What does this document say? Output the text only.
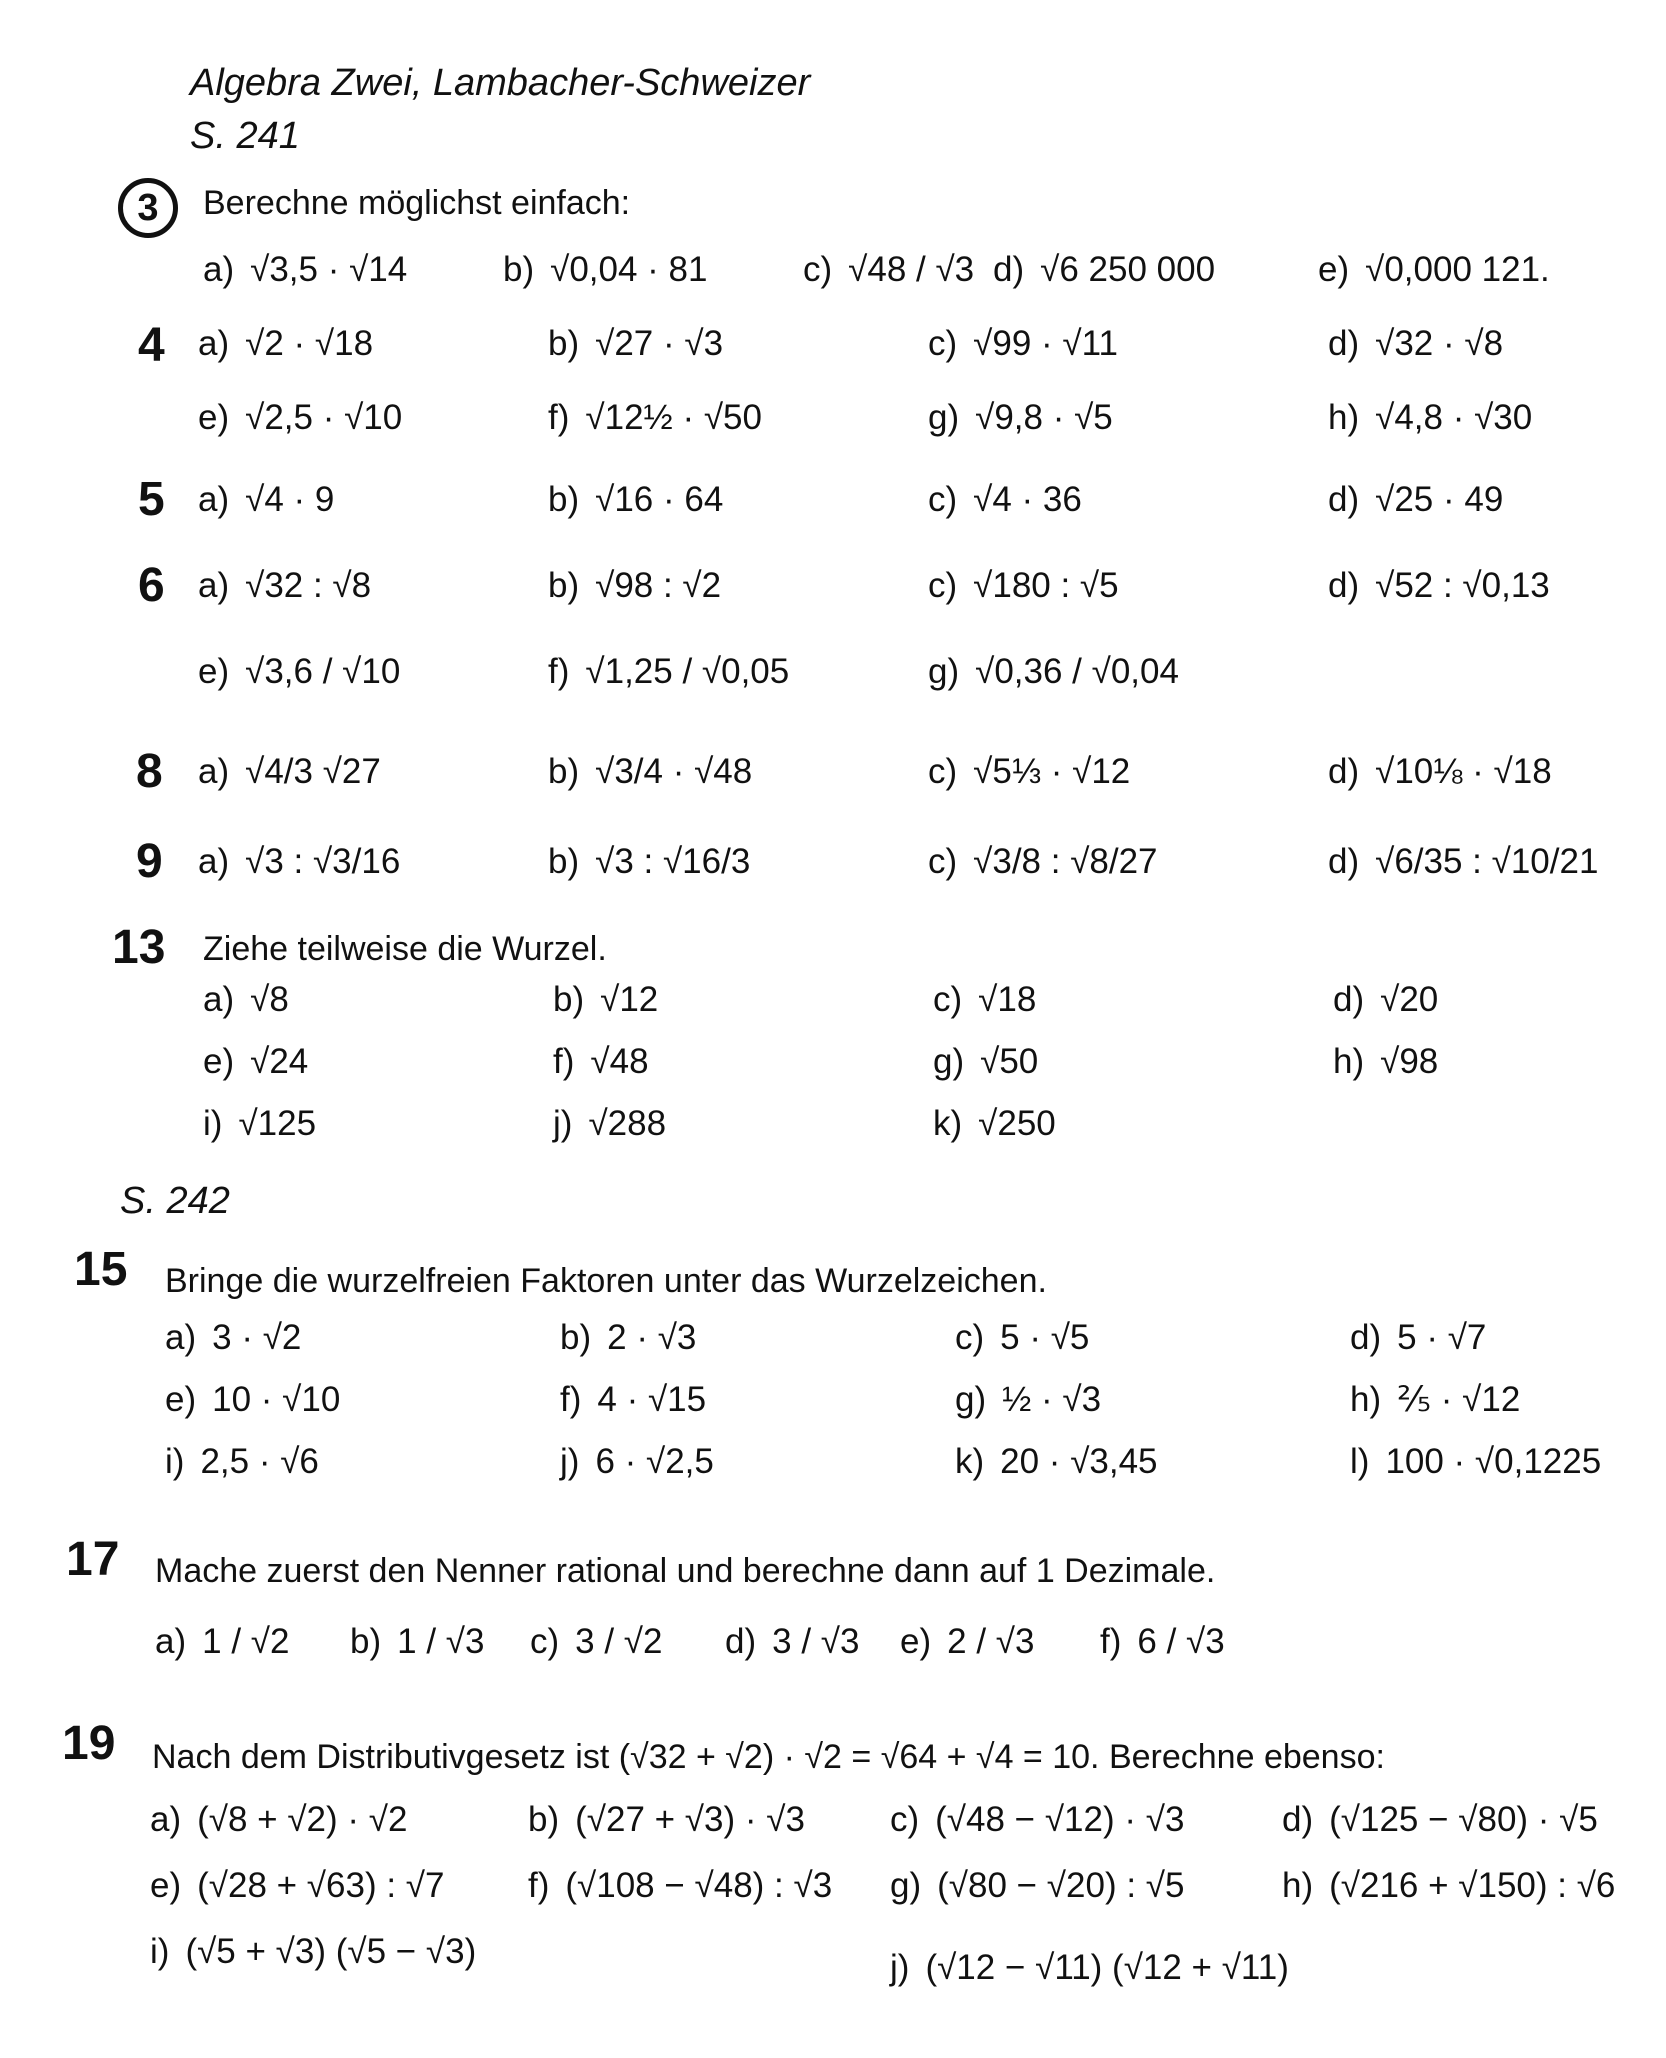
Algebra Zwei, Lambacher-Schweizer
S. 241
3	Berechne möglichst einfach:
a) √3,5 · √14	b) √0,04 · 81	c) √48 / √3 d) √6 250 000	e) √0,000 121.
4 a) √2 · √18	b) √27 · √3	c) √99 · √11	d) √32 · √8
e) √2,5 · √10	f) √12½ · √50	g) √9,8 · √5	h) √4,8 · √30
5 a) √4 · 9	b) √16 · 64	c) √4 · 36	d) √25 · 49
6 a) √32 : √8	b) √98 : √2	c) √180 : √5	d) √52 : √0,13
e) √3,6 / √10	f) √1,25 / √0,05	g) √0,36 / √0,04
8 a) √4/3 √27	b) √3/4 · √48	c) √5⅓ · √12	d) √10⅛ · √18
9 a) √3 : √3/16	b) √3 : √16/3	c) √3/8 : √8/27	d) √6/35 : √10/21
13 Ziehe teilweise die Wurzel.
a) √8	b) √12	c) √18	d) √20
e) √24	f) √48	g) √50	h) √98
i) √125	j) √288	k) √250
S. 242
15 Bringe die wurzelfreien Faktoren unter das Wurzelzeichen.
a) 3 · √2	b) 2 · √3	c) 5 · √5	d) 5 · √7
e) 10 · √10	f) 4 · √15	g) ½ · √3	h) ⅖ · √12
i) 2,5 · √6	j) 6 · √2,5	k) 20 · √3,45	l) 100 · √0,1225
17 Mache zuerst den Nenner rational und berechne dann auf 1 Dezimale.
a) 1 / √2 b) 1 / √3 c) 3 / √2 d) 3 / √3 e) 2 / √3 f) 6 / √3
19 Nach dem Distributivgesetz ist (√32 + √2) · √2 = √64 + √4 = 10. Berechne ebenso:
a) (√8 + √2) · √2	b) (√27 + √3) · √3 c) (√48 − √12) · √3	d) (√125 − √80) · √5
e) (√28 + √63) : √7 f) (√108 − √48) : √3 g) (√80 − √20) : √5	h) (√216 + √150) : √6
i) (√5 + √3) (√5 − √3)	j) (√12 − √11) (√12 + √11)
